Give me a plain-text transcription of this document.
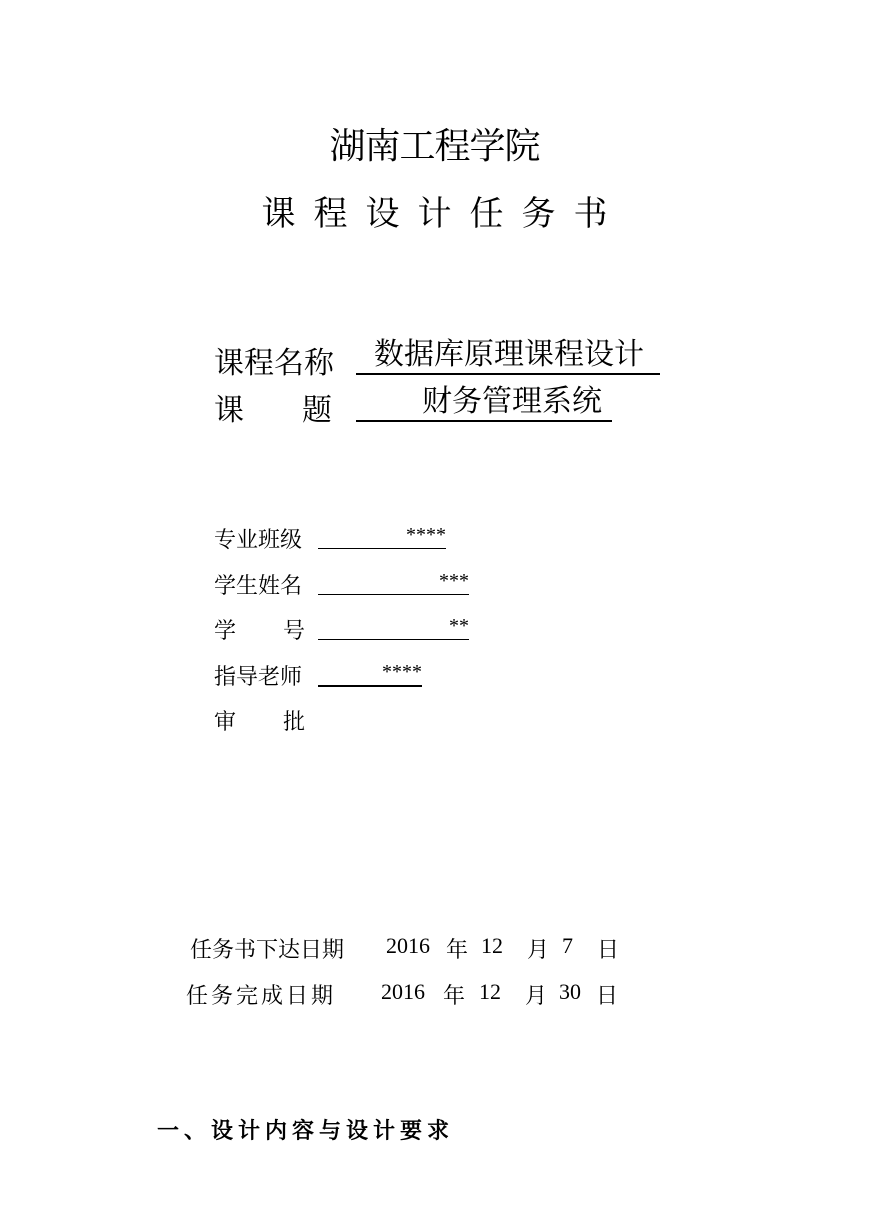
湖南工程学院
课 程 设 计 任 务 书
课程名称	数据库原理课程设计
课 题	财务管理系统
专业班级	****
学生姓名	***
学 号	**
指导老师	****
审 批
任务书下达日期 2016 年 12 月 7 日
任务完成日期 2016 年 12 月 30 日
一、设计内容与设计要求
